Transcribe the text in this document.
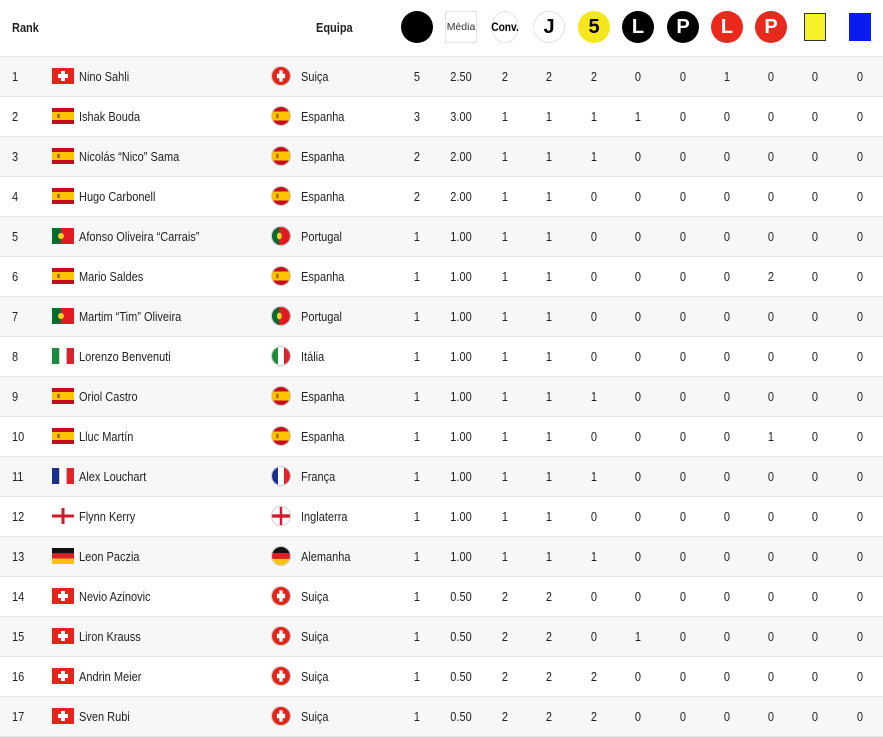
Rank	Equipa	Média Conv.	J	5	L	P	L	P
1	Nino Sahli	Suiça	5	2.50	2	2	2	0	0	1	0	0	0
2	Ishak Bouda	Espanha	3	3.00	1	1	1	1	0	0	0	0	0
3	Nicolás “Nico” Sama	Espanha	2	2.00	1	1	1	0	0	0	0	0	0
4	Hugo Carbonell	Espanha	2	2.00	1	1	0	0	0	0	0	0	0
5	Afonso Oliveira “Carrais”	Portugal	1	1.00	1	1	0	0	0	0	0	0	0
6	Mario Saldes	Espanha	1	1.00	1	1	0	0	0	0	2	0	0
7	Martim “Tim” Oliveira	Portugal	1	1.00	1	1	0	0	0	0	0	0	0
8	Lorenzo Benvenuti	Itália	1	1.00	1	1	0	0	0	0	0	0	0
9	Oriol Castro	Espanha	1	1.00	1	1	1	0	0	0	0	0	0
10	Lluc Martín	Espanha	1	1.00	1	1	0	0	0	0	1	0	0
11	Alex Louchart	França	1	1.00	1	1	1	0	0	0	0	0	0
12	Flynn Kerry	Inglaterra	1	1.00	1	1	0	0	0	0	0	0	0
13	Leon Paczia	Alemanha	1	1.00	1	1	1	0	0	0	0	0	0
14	Nevio Azinovic	Suiça	1	0.50	2	2	0	0	0	0	0	0	0
15	Liron Krauss	Suiça	1	0.50	2	2	0	1	0	0	0	0	0
16	Andrin Meier	Suiça	1	0.50	2	2	2	0	0	0	0	0	0
17	Sven Rubi	Suiça	1	0.50	2	2	2	0	0	0	0	0	0
